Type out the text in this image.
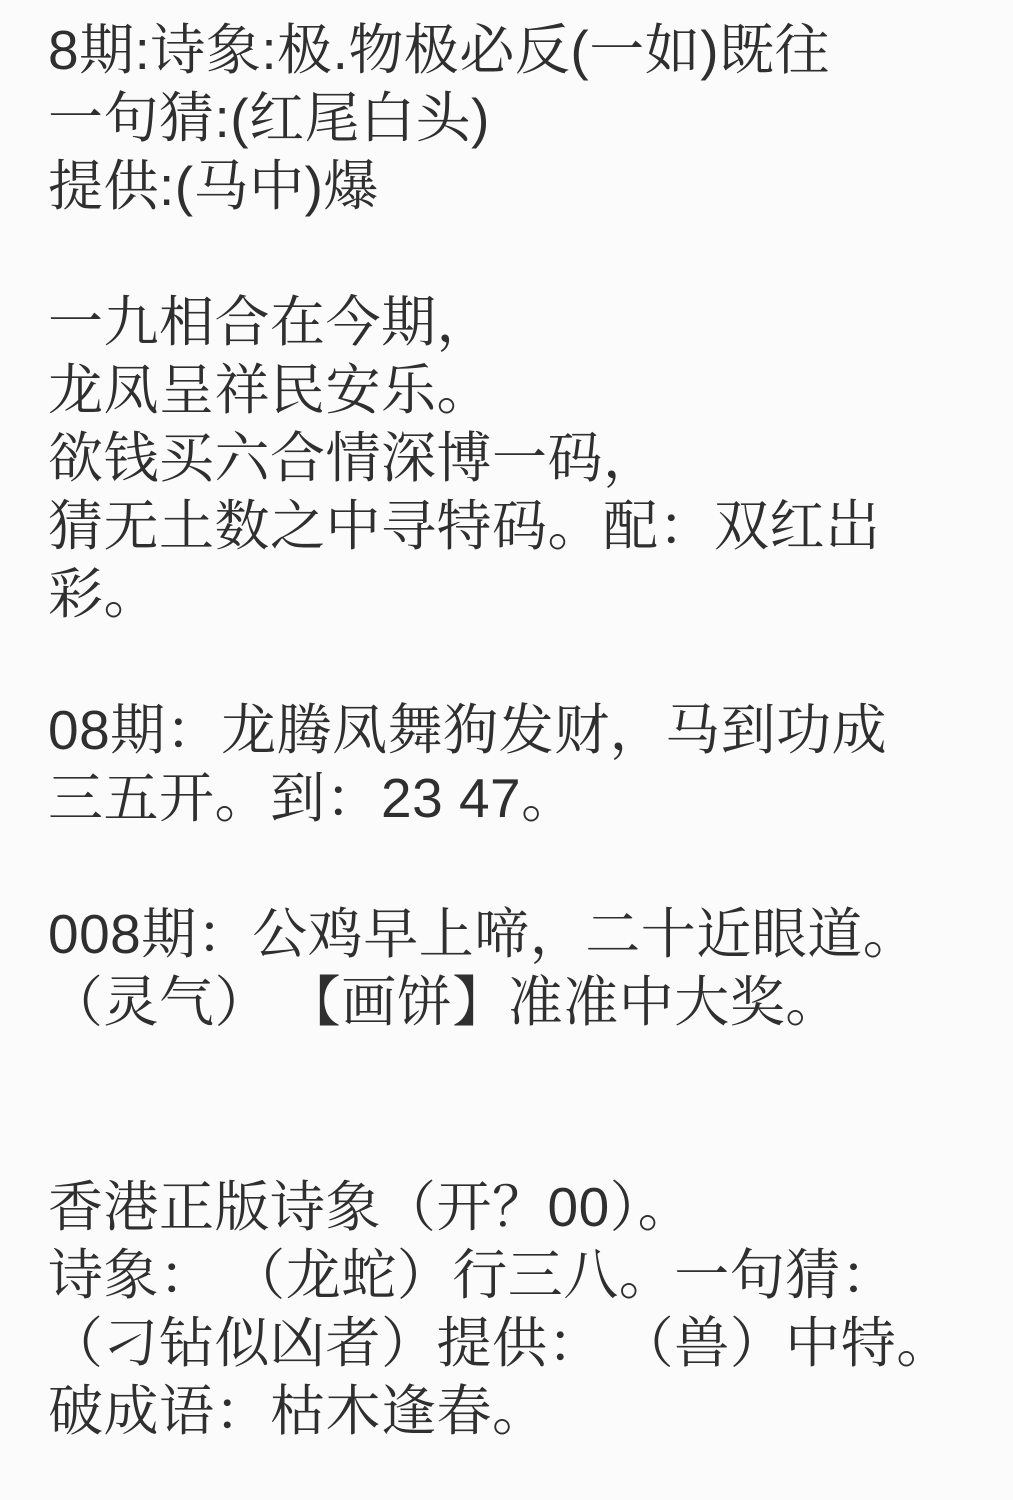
8期:诗象:极.物极必反(一如)既往
一句猜:(红尾白头)
提供:(马中)爆
一九相合在今期，
龙凤呈祥民安乐。
欲钱买六合情深博一码，
猜无土数之中寻特码。配：双红岀
彩。
08期：龙腾凤舞狗发财，马到功成
三五开。到：23 47。
008期：公鸡早上啼，二十近眼道。
（灵气） 【画饼】准准中大奖。
香港正版诗象（开？00）。
诗象： （龙蛇）行三八。一句猜：
（刁钻似凶者）提供： （兽）中特。
破成语：枯木逢春。
